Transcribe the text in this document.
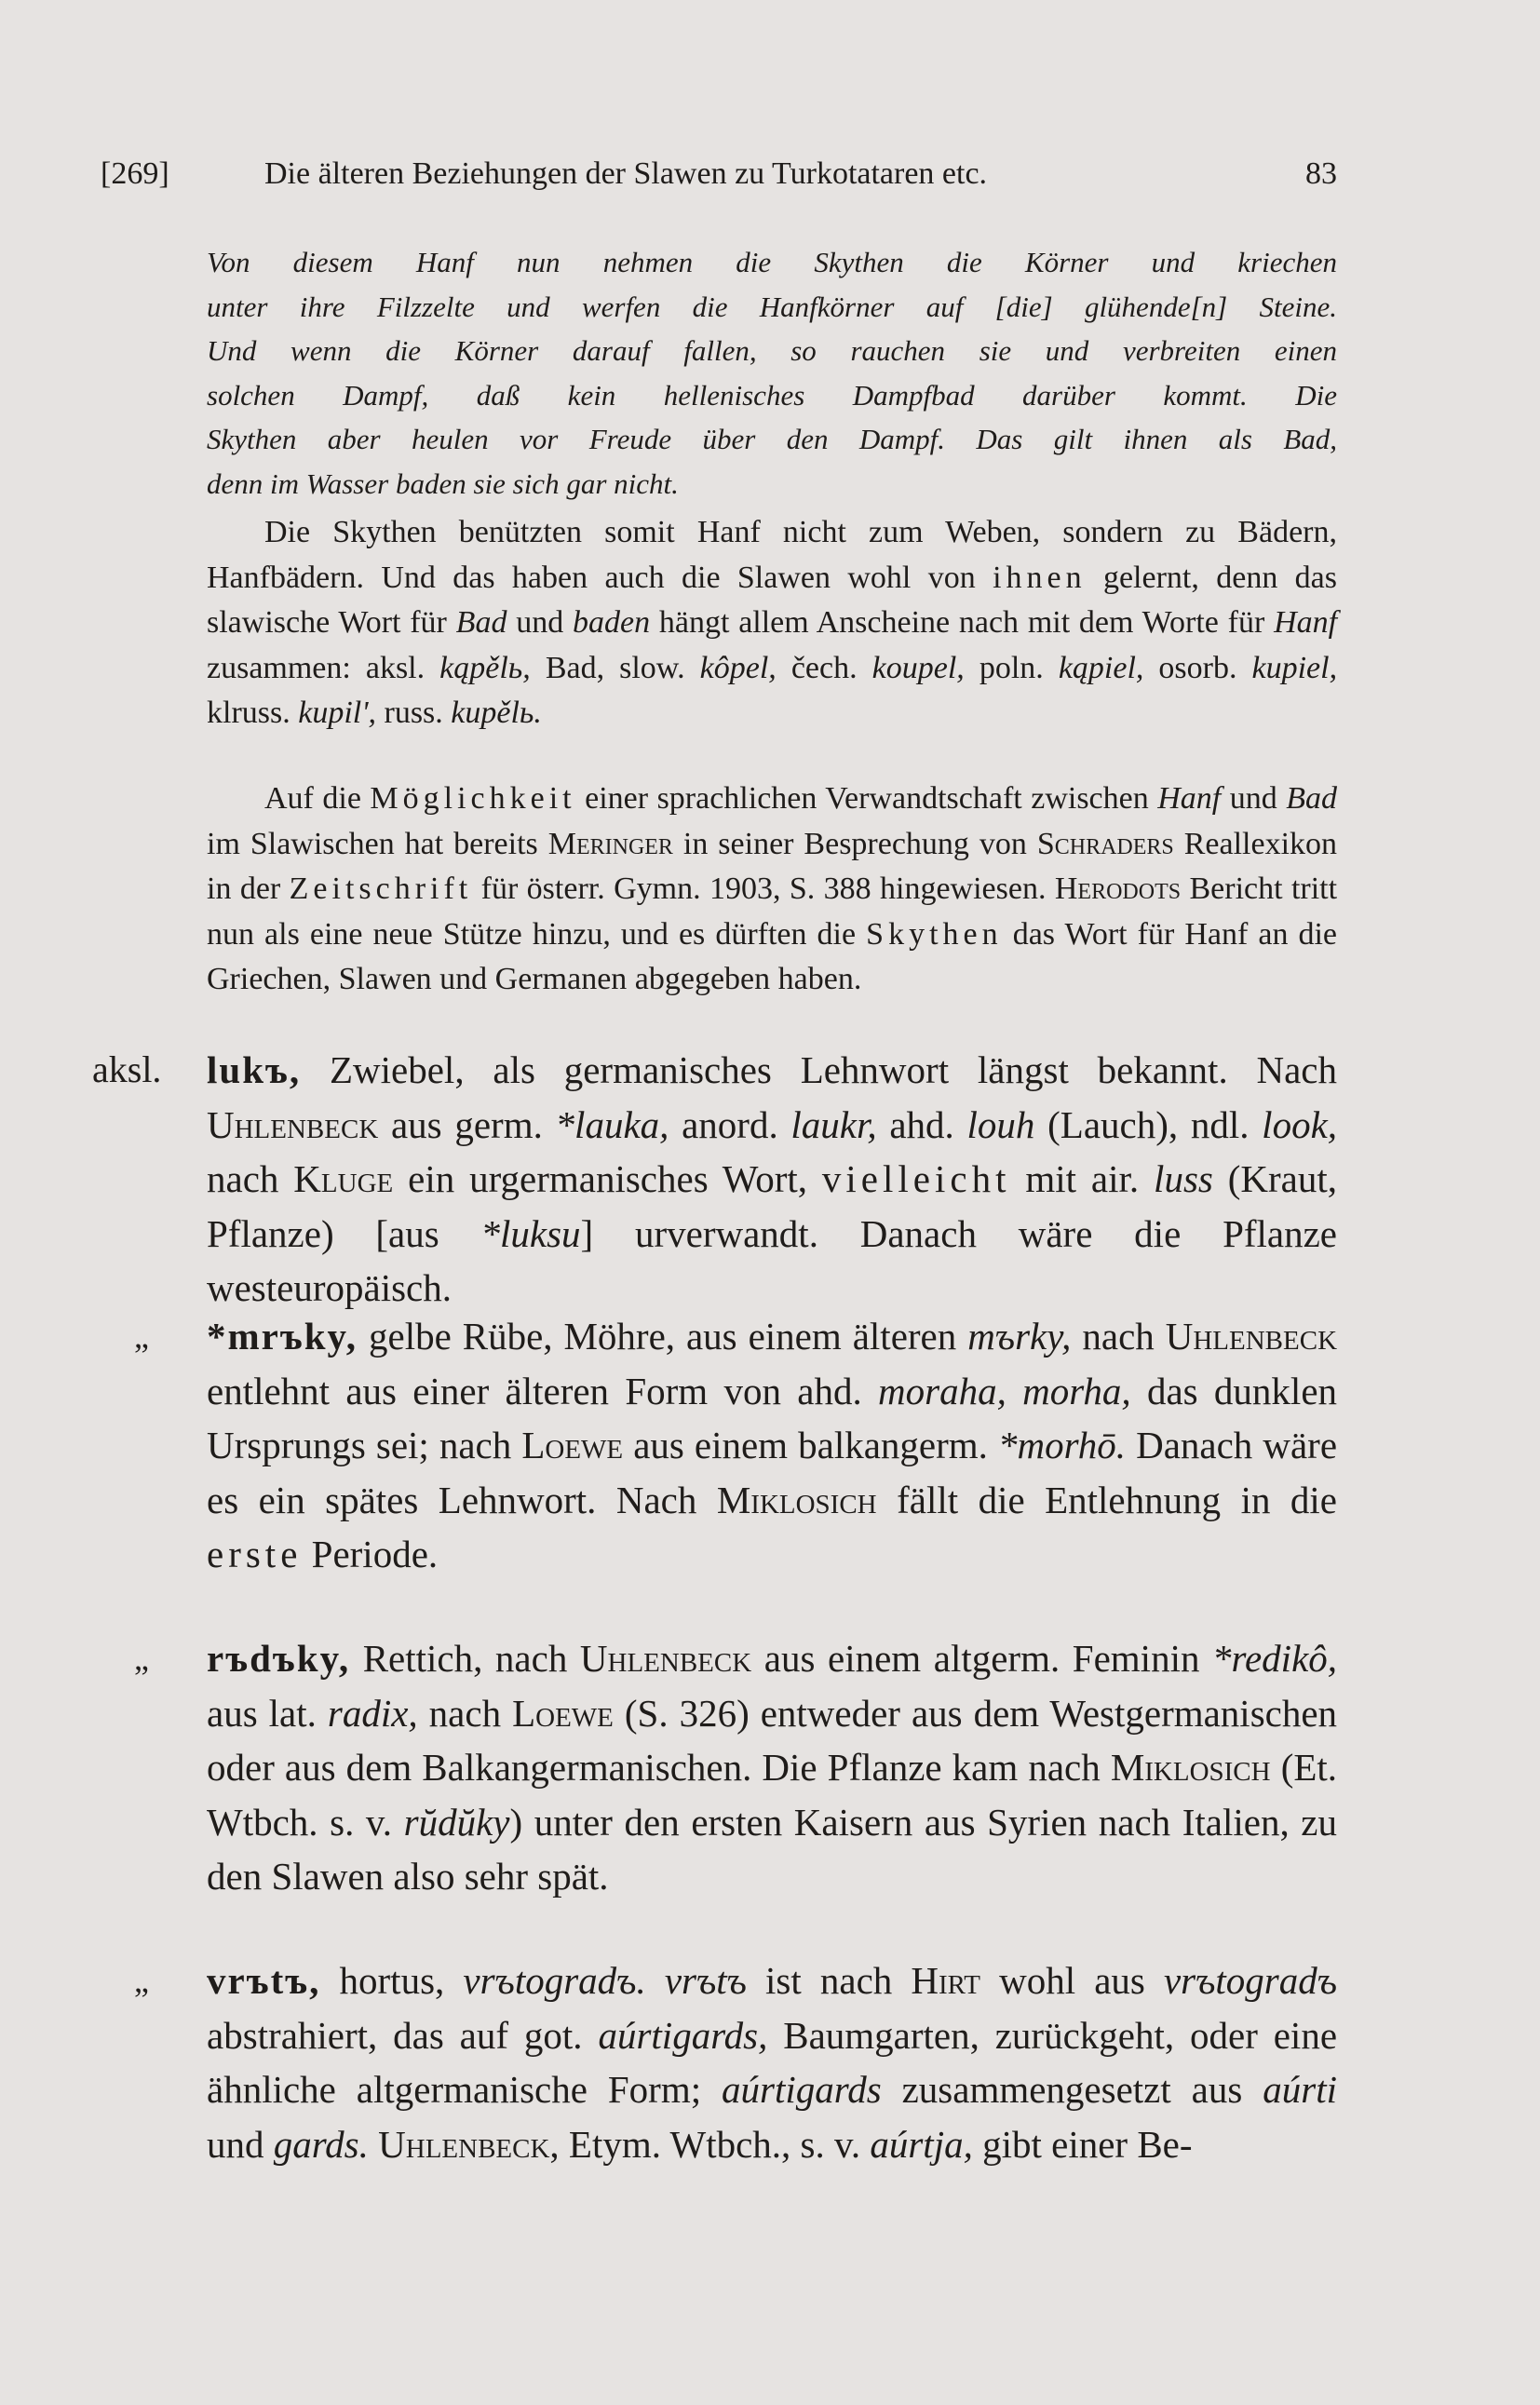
[269]	Die älteren Beziehungen der Slawen zu Turkotataren etc.	83
Von diesem Hanf nun nehmen die Skythen die Körner und kriechen
unter ihre Filzzelte und werfen die Hanfkörner auf [die] glühende[n] Steine.
Und wenn die Körner darauf fallen, so rauchen sie und verbreiten einen
solchen Dampf, daß kein hellenisches Dampfbad darüber kommt. Die
Skythen aber heulen vor Freude über den Dampf. Das gilt ihnen als Bad,
denn im Wasser baden sie sich gar nicht.
Die Skythen benützten somit Hanf nicht zum Weben, sondern zu Bädern, Hanfbädern. Und das haben auch die Slawen wohl von ihnen gelernt, denn das slawische Wort für Bad und baden hängt allem Anscheine nach mit dem Worte für Hanf zusammen: aksl. kąpělь, Bad, slow. kôpel, čech. koupel, poln. kąpiel, osorb. kupiel, klruss. kupil', russ. kupělь.
Auf die Möglichkeit einer sprachlichen Verwandtschaft zwischen Hanf und Bad im Slawischen hat bereits Meringer in seiner Besprechung von Schraders Reallexikon in der Zeitschrift für österr. Gymn. 1903, S. 388 hingewiesen. Herodots Bericht tritt nun als eine neue Stütze hinzu, und es dürften die Skythen das Wort für Hanf an die Griechen, Slawen und Germanen abgegeben haben.
aksl. lukъ, Zwiebel, als germanisches Lehnwort längst bekannt. Nach Uhlenbeck aus germ. *lauka, anord. laukr, ahd. louh (Lauch), ndl. look, nach Kluge ein urgermanisches Wort, vielleicht mit air. luss (Kraut, Pflanze) [aus *luksu] urverwandt. Danach wäre die Pflanze westeuropäisch.
„ *mrъky, gelbe Rübe, Möhre, aus einem älteren mъrky, nach Uhlenbeck entlehnt aus einer älteren Form von ahd. moraha, morha, das dunklen Ursprungs sei; nach Loewe aus einem balkangerm. *morhō. Danach wäre es ein spätes Lehnwort. Nach Miklosich fällt die Entlehnung in die erste Periode.
„ rъdъky, Rettich, nach Uhlenbeck aus einem altgerm. Feminin *redikô, aus lat. radix, nach Loewe (S. 326) entweder aus dem Westgermanischen oder aus dem Balkangermanischen. Die Pflanze kam nach Miklosich (Et. Wtbch. s. v. rŭdŭky) unter den ersten Kaisern aus Syrien nach Italien, zu den Slawen also sehr spät.
„ vrъtъ, hortus, vrъtogradъ. vrъtъ ist nach Hirt wohl aus vrъtogradъ abstrahiert, das auf got. aúrtigards, Baumgarten, zurückgeht, oder eine ähnliche altgermanische Form; aúrtigards zusammengesetzt aus aúrti und gards. Uhlenbeck, Etym. Wtbch., s. v. aúrtja, gibt einer Be-
